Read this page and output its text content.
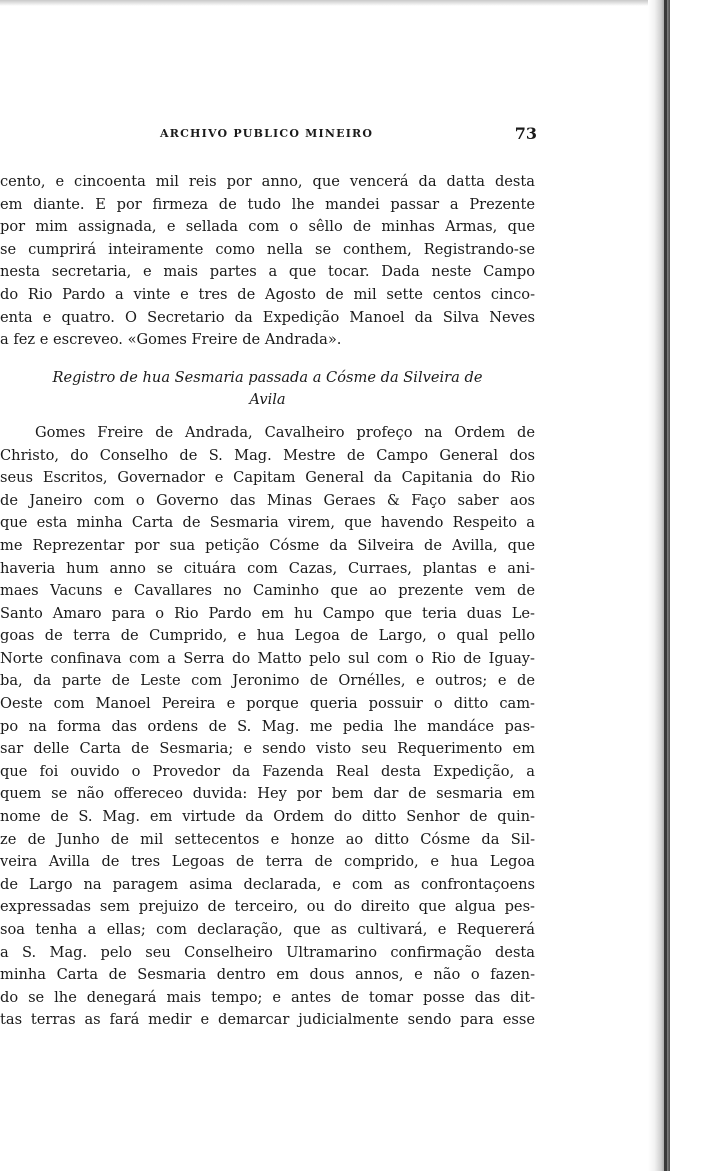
ARCHIVO PUBLICO MINEIRO	73
cento, e cincoenta mil reis por anno, que vencerá da datta desta
em diante. E por firmeza de tudo lhe mandei passar a Prezente
por mim assignada, e sellada com o sêllo de minhas Armas, que
se cumprirá inteiramente como nella se conthem, Registrando-se
nesta secretaria, e mais partes a que tocar. Dada neste Campo
do Rio Pardo a vinte e tres de Agosto de mil sette centos cinco-
enta e quatro. O Secretario da Expedição Manoel da Silva Neves
a fez e escreveo. «Gomes Freire de Andrada».
Registro de hua Sesmaria passada a Cósme da Silveira de
Avila
Gomes Freire de Andrada, Cavalheiro profeço na Ordem de
Christo, do Conselho de S. Mag. Mestre de Campo General dos
seus Escritos, Governador e Capitam General da Capitania do Rio
de Janeiro com o Governo das Minas Geraes & Faço saber aos
que esta minha Carta de Sesmaria virem, que havendo Respeito a
me Reprezentar por sua petição Cósme da Silveira de Avilla, que
haveria hum anno se cituára com Cazas, Curraes, plantas e ani-
maes Vacuns e Cavallares no Caminho que ao prezente vem de
Santo Amaro para o Rio Pardo em hu Campo que teria duas Le-
goas de terra de Cumprido, e hua Legoa de Largo, o qual pello
Norte confinava com a Serra do Matto pelo sul com o Rio de Iguay-
ba, da parte de Leste com Jeronimo de Ornélles, e outros; e de
Oeste com Manoel Pereira e porque queria possuir o ditto cam-
po na forma das ordens de S. Mag. me pedia lhe mandáce pas-
sar delle Carta de Sesmaria; e sendo visto seu Requerimento em
que foi ouvido o Provedor da Fazenda Real desta Expedição, a
quem se não offereceo duvida: Hey por bem dar de sesmaria em
nome de S. Mag. em virtude da Ordem do ditto Senhor de quin-
ze de Junho de mil settecentos e honze ao ditto Cósme da Sil-
veira Avilla de tres Legoas de terra de comprido, e hua Legoa
de Largo na paragem asima declarada, e com as confrontaçoens
expressadas sem prejuizo de terceiro, ou do direito que algua pes-
soa tenha a ellas; com declaração, que as cultivará, e Requererá
a S. Mag. pelo seu Conselheiro Ultramarino confirmação desta
minha Carta de Sesmaria dentro em dous annos, e não o fazen-
do se lhe denegará mais tempo; e antes de tomar posse das dit-
tas terras as fará medir e demarcar judicialmente sendo para esse
